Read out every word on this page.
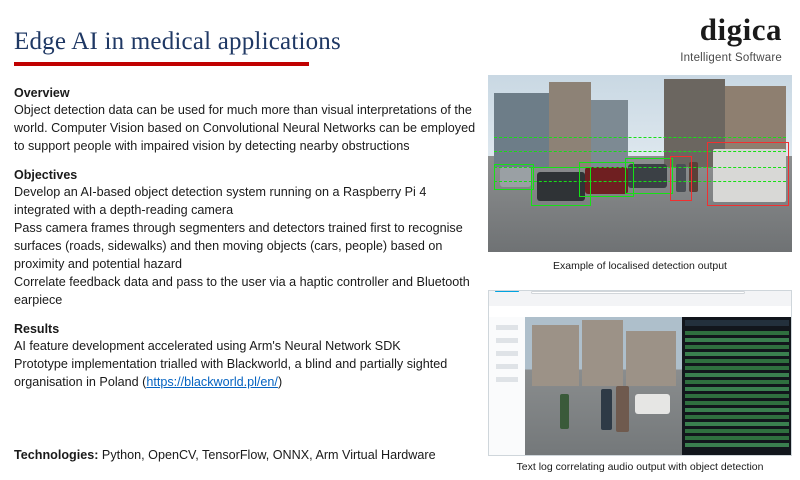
Edge AI in medical applications	digica
Intelligent Software
Overview

Object detection data can be used for much more than visual interpretations of the world. Computer Vision based on Convolutional Neural Networks can be employed to support people with impaired vision by detecting nearby obstructions

Objectives

Develop an AI-based object detection system running on a Raspberry Pi 4 integrated with a depth-reading camera

Pass camera frames through segmenters and detectors trained first to recognise surfaces (roads, sidewalks) and then moving objects (cars, people) based on proximity and potential hazard

Correlate feedback data and pass to the user via a haptic controller and Bluetooth earpiece

Results

AI feature development accelerated using Arm's Neural Network SDK

Prototype implementation trialled with Blackworld, a blind and partially sighted organisation in Poland (https://blackworld.pl/en/)

Technologies: Python, OpenCV, TensorFlow, ONNX, Arm Virtual Hardware
Example of localised detection output
Text log correlating audio output with object detection
